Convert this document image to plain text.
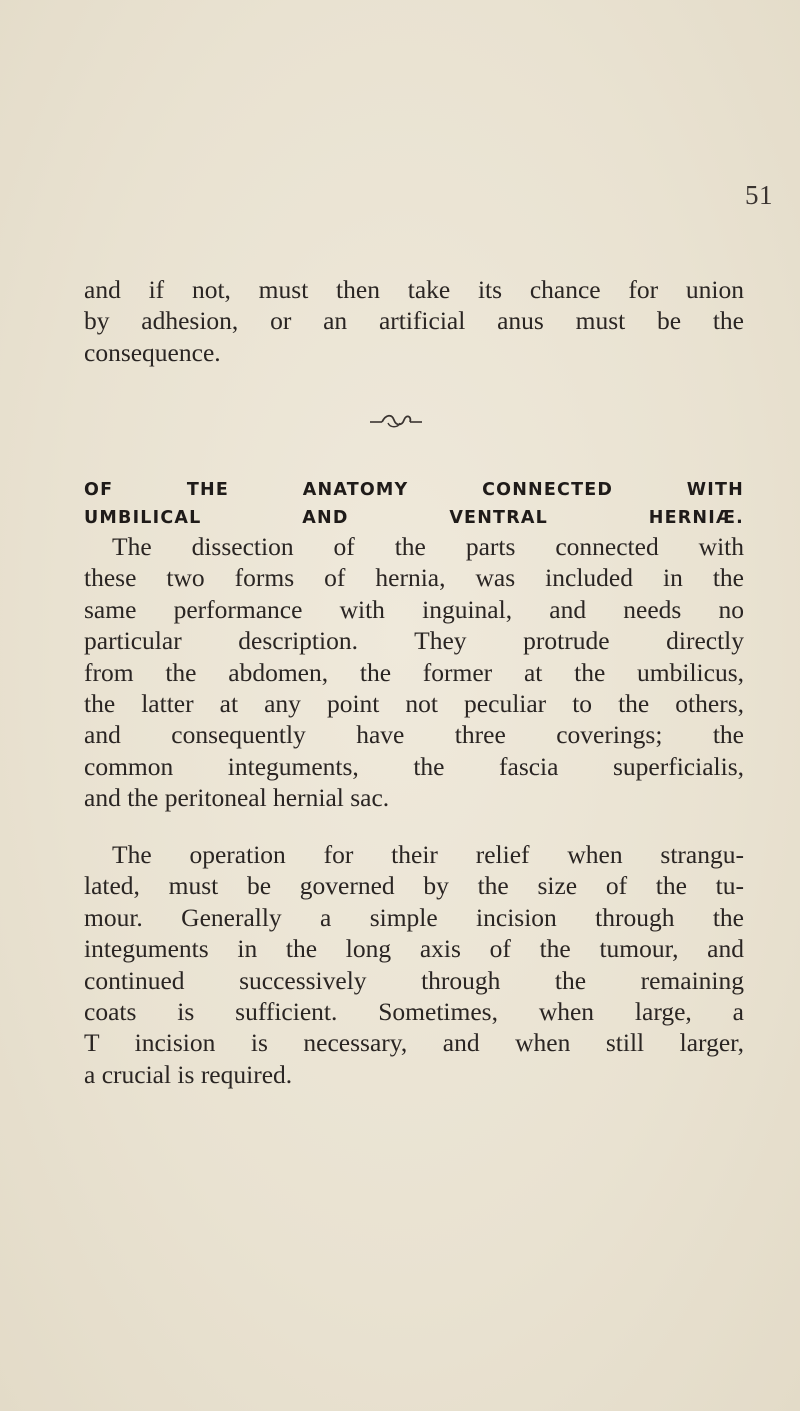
51

and if not, must then take its chance for union
by adhesion, or an artificial anus must be the
consequence.

OF THE ANATOMY CONNECTED WITH
UMBILICAL AND VENTRAL HERNIÆ.

The dissection of the parts connected with
these two forms of hernia, was included in the
same performance with inguinal, and needs no
particular description. They protrude directly
from the abdomen, the former at the umbilicus,
the latter at any point not peculiar to the others,
and consequently have three coverings; the
common integuments, the fascia superficialis,
and the peritoneal hernial sac.

The operation for their relief when strangu-
lated, must be governed by the size of the tu-
mour. Generally a simple incision through the
integuments in the long axis of the tumour, and
continued successively through the remaining
coats is sufficient. Sometimes, when large, a
T incision is necessary, and when still larger,
a crucial is required.
